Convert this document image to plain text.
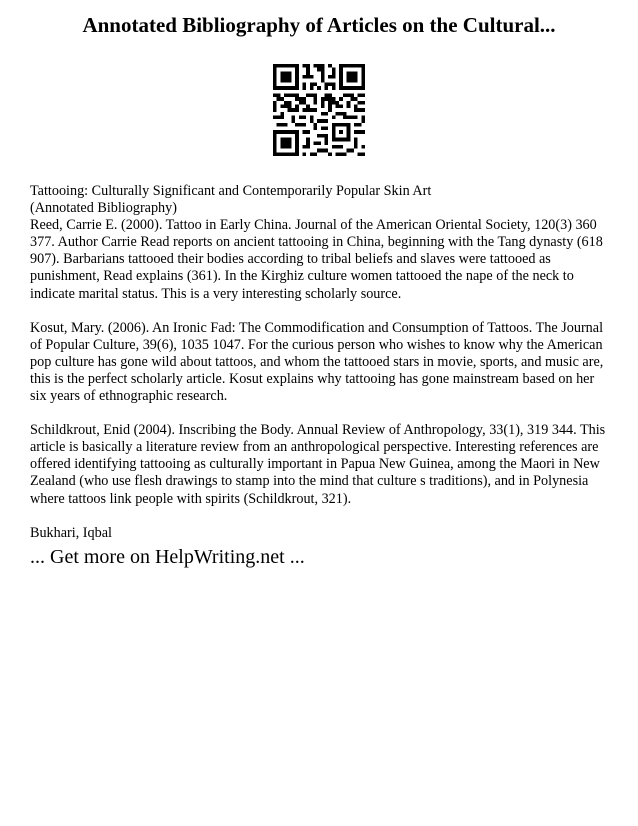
Annotated Bibliography of Articles on the Cultural...

Tattooing: Culturally Significant and Contemporarily Popular Skin Art
(Annotated Bibliography)
Reed, Carrie E. (2000). Tattoo in Early China. Journal of the American Oriental Society, 120(3) 360 377. Author Carrie Read reports on ancient tattooing in China, beginning with the Tang dynasty (618 907). Barbarians tattooed their bodies according to tribal beliefs and slaves were tattooed as punishment, Read explains (361). In the Kirghiz culture women tattooed the nape of the neck to indicate marital status. This is a very interesting scholarly source.

Kosut, Mary. (2006). An Ironic Fad: The Commodification and Consumption of Tattoos. The Journal of Popular Culture, 39(6), 1035 1047. For the curious person who wishes to know why the American pop culture has gone wild about tattoos, and whom the tattooed stars in movie, sports, and music are, this is the perfect scholarly article. Kosut explains why tattooing has gone mainstream based on her six years of ethnographic research.

Schildkrout, Enid (2004). Inscribing the Body. Annual Review of Anthropology, 33(1), 319 344. This article is basically a literature review from an anthropological perspective. Interesting references are offered identifying tattooing as culturally important in Papua New Guinea, among the Maori in New Zealand (who use flesh drawings to stamp into the mind that culture s traditions), and in Polynesia where tattoos link people with spirits (Schildkrout, 321).

Bukhari, Iqbal

... Get more on HelpWriting.net ...
